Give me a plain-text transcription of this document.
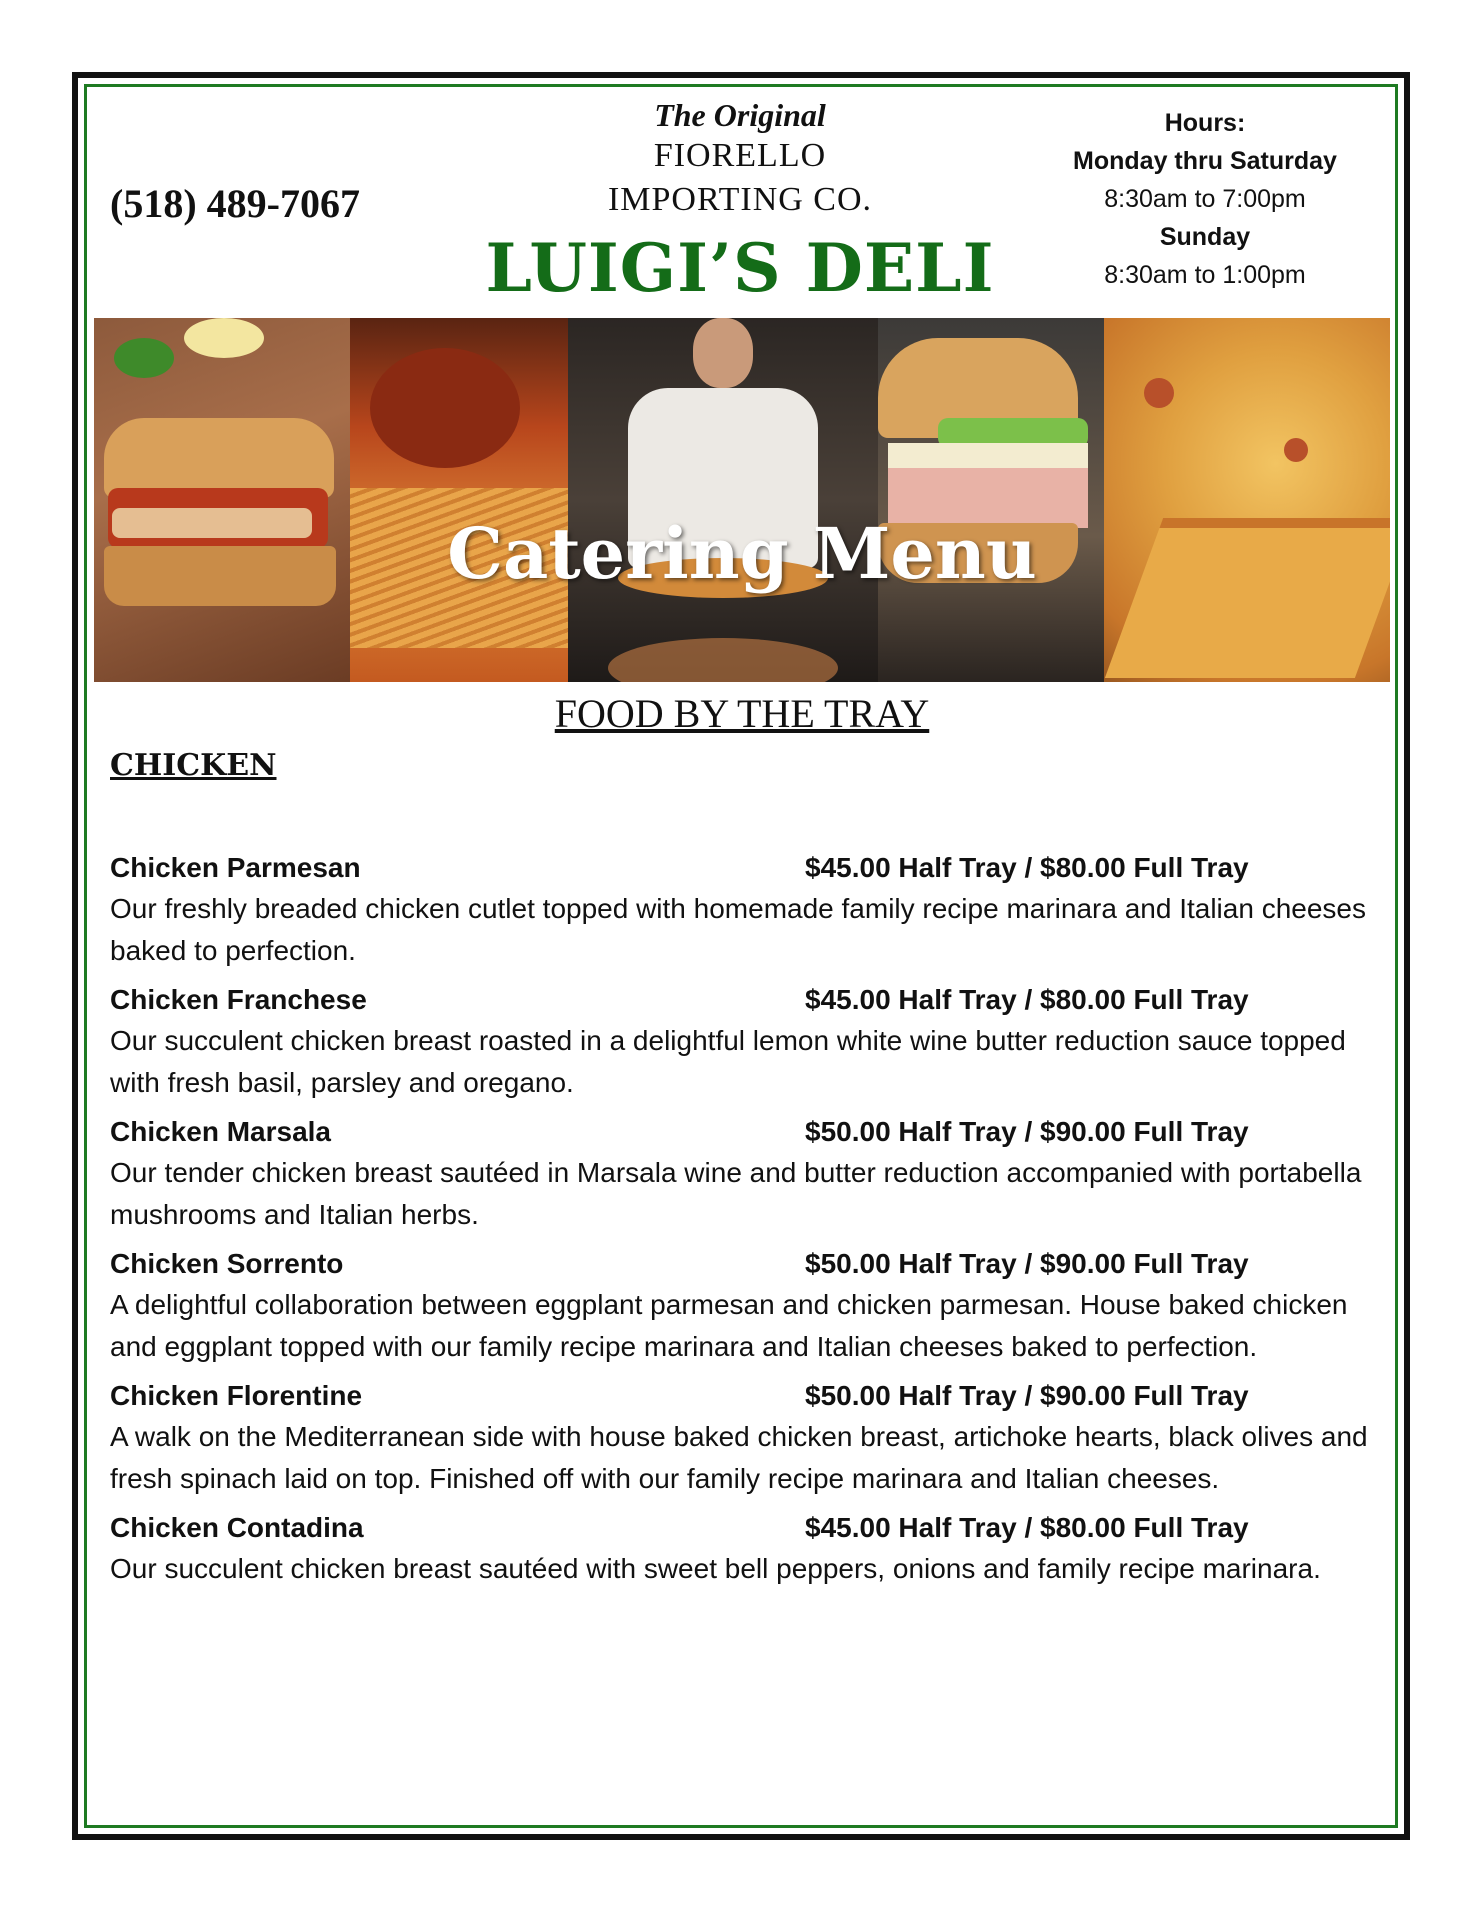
(518) 489-7067
The Original
FIORELLO
IMPORTING CO.
LUIGI’S DELI
Hours:
Monday thru Saturday
8:30am to 7:00pm
Sunday
8:30am to 1:00pm
Catering Menu
FOOD BY THE TRAY
CHICKEN
Chicken Parmesan	$45.00 Half Tray / $80.00 Full Tray
Our freshly breaded chicken cutlet topped with homemade family recipe marinara and Italian cheeses baked to perfection.
Chicken Franchese	$45.00 Half Tray / $80.00 Full Tray
Our succulent chicken breast roasted in a delightful lemon white wine butter reduction sauce topped with fresh basil, parsley and oregano.
Chicken Marsala	$50.00 Half Tray / $90.00 Full Tray
Our tender chicken breast sautéed in Marsala wine and butter reduction accompanied with portabella mushrooms and Italian herbs.
Chicken Sorrento	$50.00 Half Tray / $90.00 Full Tray
A delightful collaboration between eggplant parmesan and chicken parmesan. House baked chicken and eggplant topped with our family recipe marinara and Italian cheeses baked to perfection.
Chicken Florentine	$50.00 Half Tray / $90.00 Full Tray
A walk on the Mediterranean side with house baked chicken breast, artichoke hearts, black olives and fresh spinach laid on top. Finished off with our family recipe marinara and Italian cheeses.
Chicken Contadina	$45.00 Half Tray / $80.00 Full Tray
Our succulent chicken breast sautéed with sweet bell peppers, onions and family recipe marinara.
